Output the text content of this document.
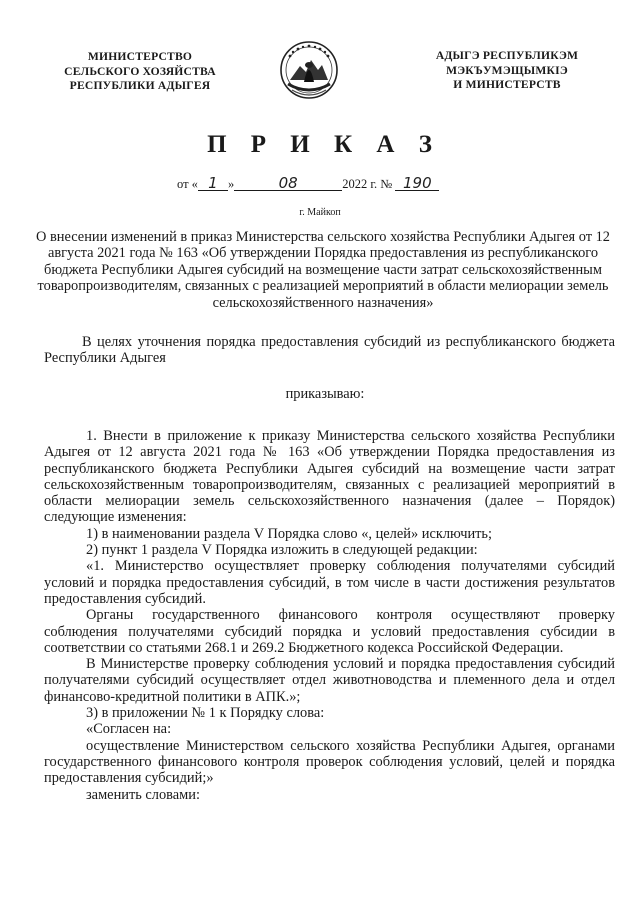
МИНИСТЕРСТВО
СЕЛЬСКОГО ХОЗЯЙСТВА
РЕСПУБЛИКИ АДЫГЕЯ
АДЫГЭ РЕСПУБЛИКЭМ
МЭКЪУМЭЩЫМКIЭ
И МИНИСТЕРСТВ
П Р И К А З
от « 1 »	08	2022 г. № 190
г. Майкоп
О внесении изменений в приказ Министерства сельского хозяйства Республики Адыгея от 12 августа 2021 года № 163 «Об утверждении Порядка предоставления из республиканского бюджета Республики Адыгея субсидий на возмещение части затрат сельскохозяйственным товаропроизводителям, связанных с реализацией мероприятий в области мелиорации земель сельскохозяйственного назначения»

В целях уточнения порядка предоставления субсидий из республиканского бюджета Республики Адыгея

приказываю:

1. Внести в приложение к приказу Министерства сельского хозяйства Республики Адыгея от 12 августа 2021 года № 163 «Об утверждении Порядка предоставления из республиканского бюджета Республики Адыгея субсидий на возмещение части затрат сельскохозяйственным товаропроизводителям, связанных с реализацией мероприятий в области мелиорации земель сельскохозяйственного назначения (далее – Порядок) следующие изменения:

1) в наименовании раздела V Порядка слово «, целей» исключить;

2) пункт 1 раздела V Порядка изложить в следующей редакции:

«1. Министерство осуществляет проверку соблюдения получателями субсидий условий и порядка предоставления субсидий, в том числе в части достижения результатов предоставления субсидий.

Органы государственного финансового контроля осуществляют проверку соблюдения получателями субсидий порядка и условий предоставления субсидии в соответствии со статьями 268.1 и 269.2 Бюджетного кодекса Российской Федерации.

В Министерстве проверку соблюдения условий и порядка предоставления субсидий получателями субсидий осуществляет отдел животноводства и племенного дела и отдел финансово-кредитной политики в АПК.»;

3) в приложении № 1 к Порядку слова:

«Согласен на:

осуществление Министерством сельского хозяйства Республики Адыгея, органами государственного финансового контроля проверок соблюдения условий, целей и порядка предоставления субсидий;»

заменить словами:
